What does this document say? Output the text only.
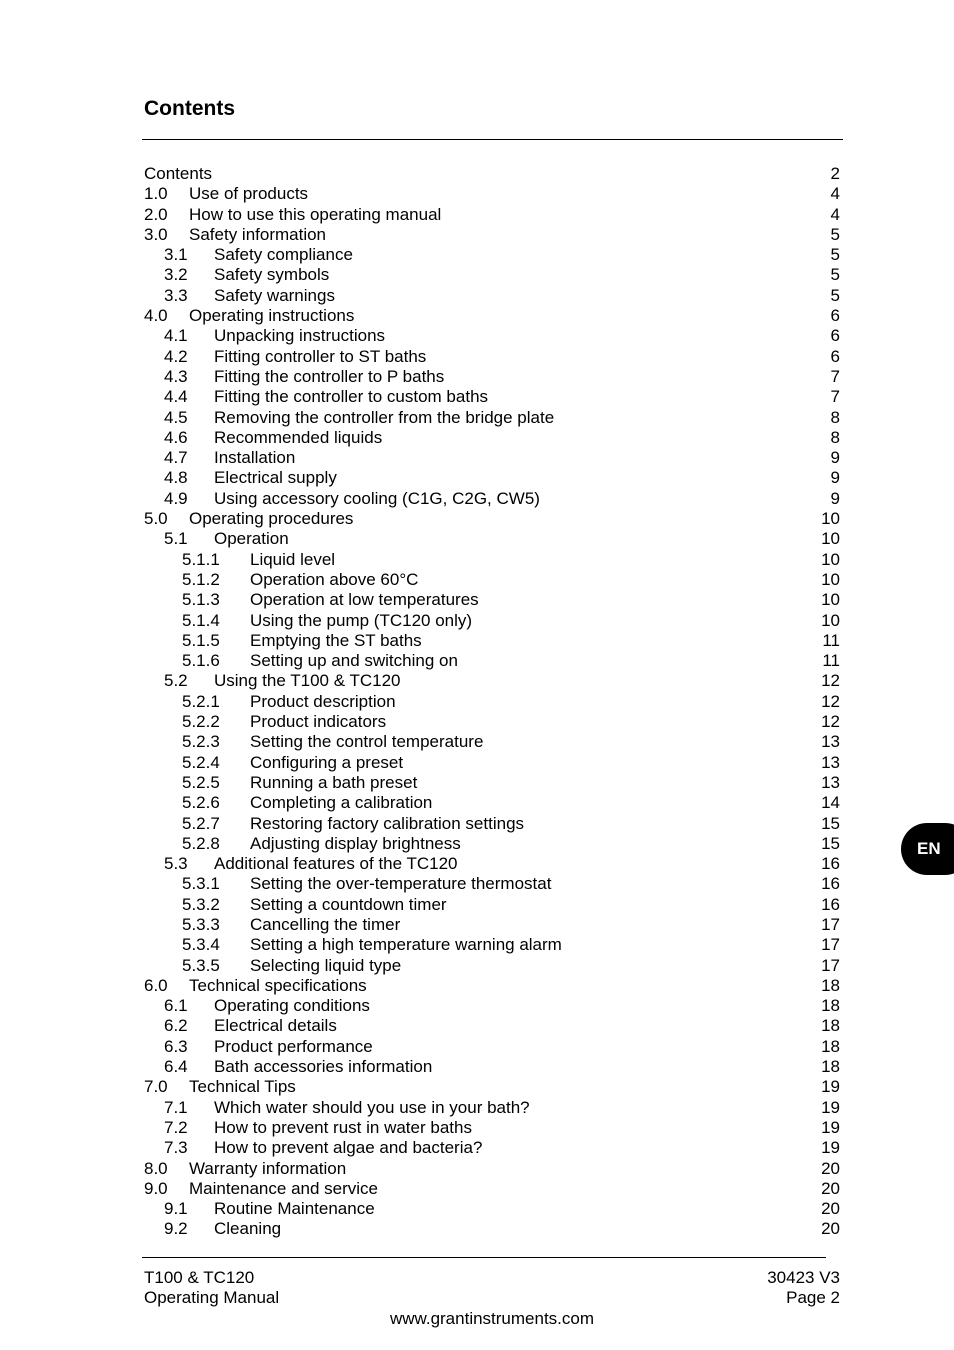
Contents
Contents	2
1.0 Use of products	4
2.0 How to use this operating manual	4
3.0 Safety information	5
3.1 Safety compliance	5
3.2 Safety symbols	5
3.3 Safety warnings	5
4.0 Operating instructions	6
4.1 Unpacking instructions	6
4.2 Fitting controller to ST baths	6
4.3 Fitting the controller to P baths	7
4.4 Fitting the controller to custom baths	7
4.5 Removing the controller from the bridge plate	8
4.6 Recommended liquids	8
4.7 Installation	9
4.8 Electrical supply	9
4.9 Using accessory cooling (C1G, C2G, CW5)	9
5.0 Operating procedures	10
5.1 Operation	10
5.1.1 Liquid level	10
5.1.2 Operation above 60°C	10
5.1.3 Operation at low temperatures	10
5.1.4 Using the pump (TC120 only)	10
5.1.5 Emptying the ST baths	11
5.1.6 Setting up and switching on	11
5.2 Using the T100 & TC120	12
5.2.1 Product description	12
5.2.2 Product indicators	12
5.2.3 Setting the control temperature	13
5.2.4 Configuring a preset	13
5.2.5 Running a bath preset	13
5.2.6 Completing a calibration	14
5.2.7 Restoring factory calibration settings	15
5.2.8 Adjusting display brightness	15
5.3 Additional features of the TC120	16
5.3.1 Setting the over-temperature thermostat	16
5.3.2 Setting a countdown timer	16
5.3.3 Cancelling the timer	17
5.3.4 Setting a high temperature warning alarm	17
5.3.5 Selecting liquid type	17
6.0 Technical specifications	18
6.1 Operating conditions	18
6.2 Electrical details	18
6.3 Product performance	18
6.4 Bath accessories information	18
7.0 Technical Tips	19
7.1 Which water should you use in your bath?	19
7.2 How to prevent rust in water baths	19
7.3 How to prevent algae and bacteria?	19
8.0 Warranty information	20
9.0 Maintenance and service	20
9.1 Routine Maintenance	20
9.2 Cleaning	20
EN
T100 & TC120
Operating Manual
30423 V3
Page 2
www.grantinstruments.com
